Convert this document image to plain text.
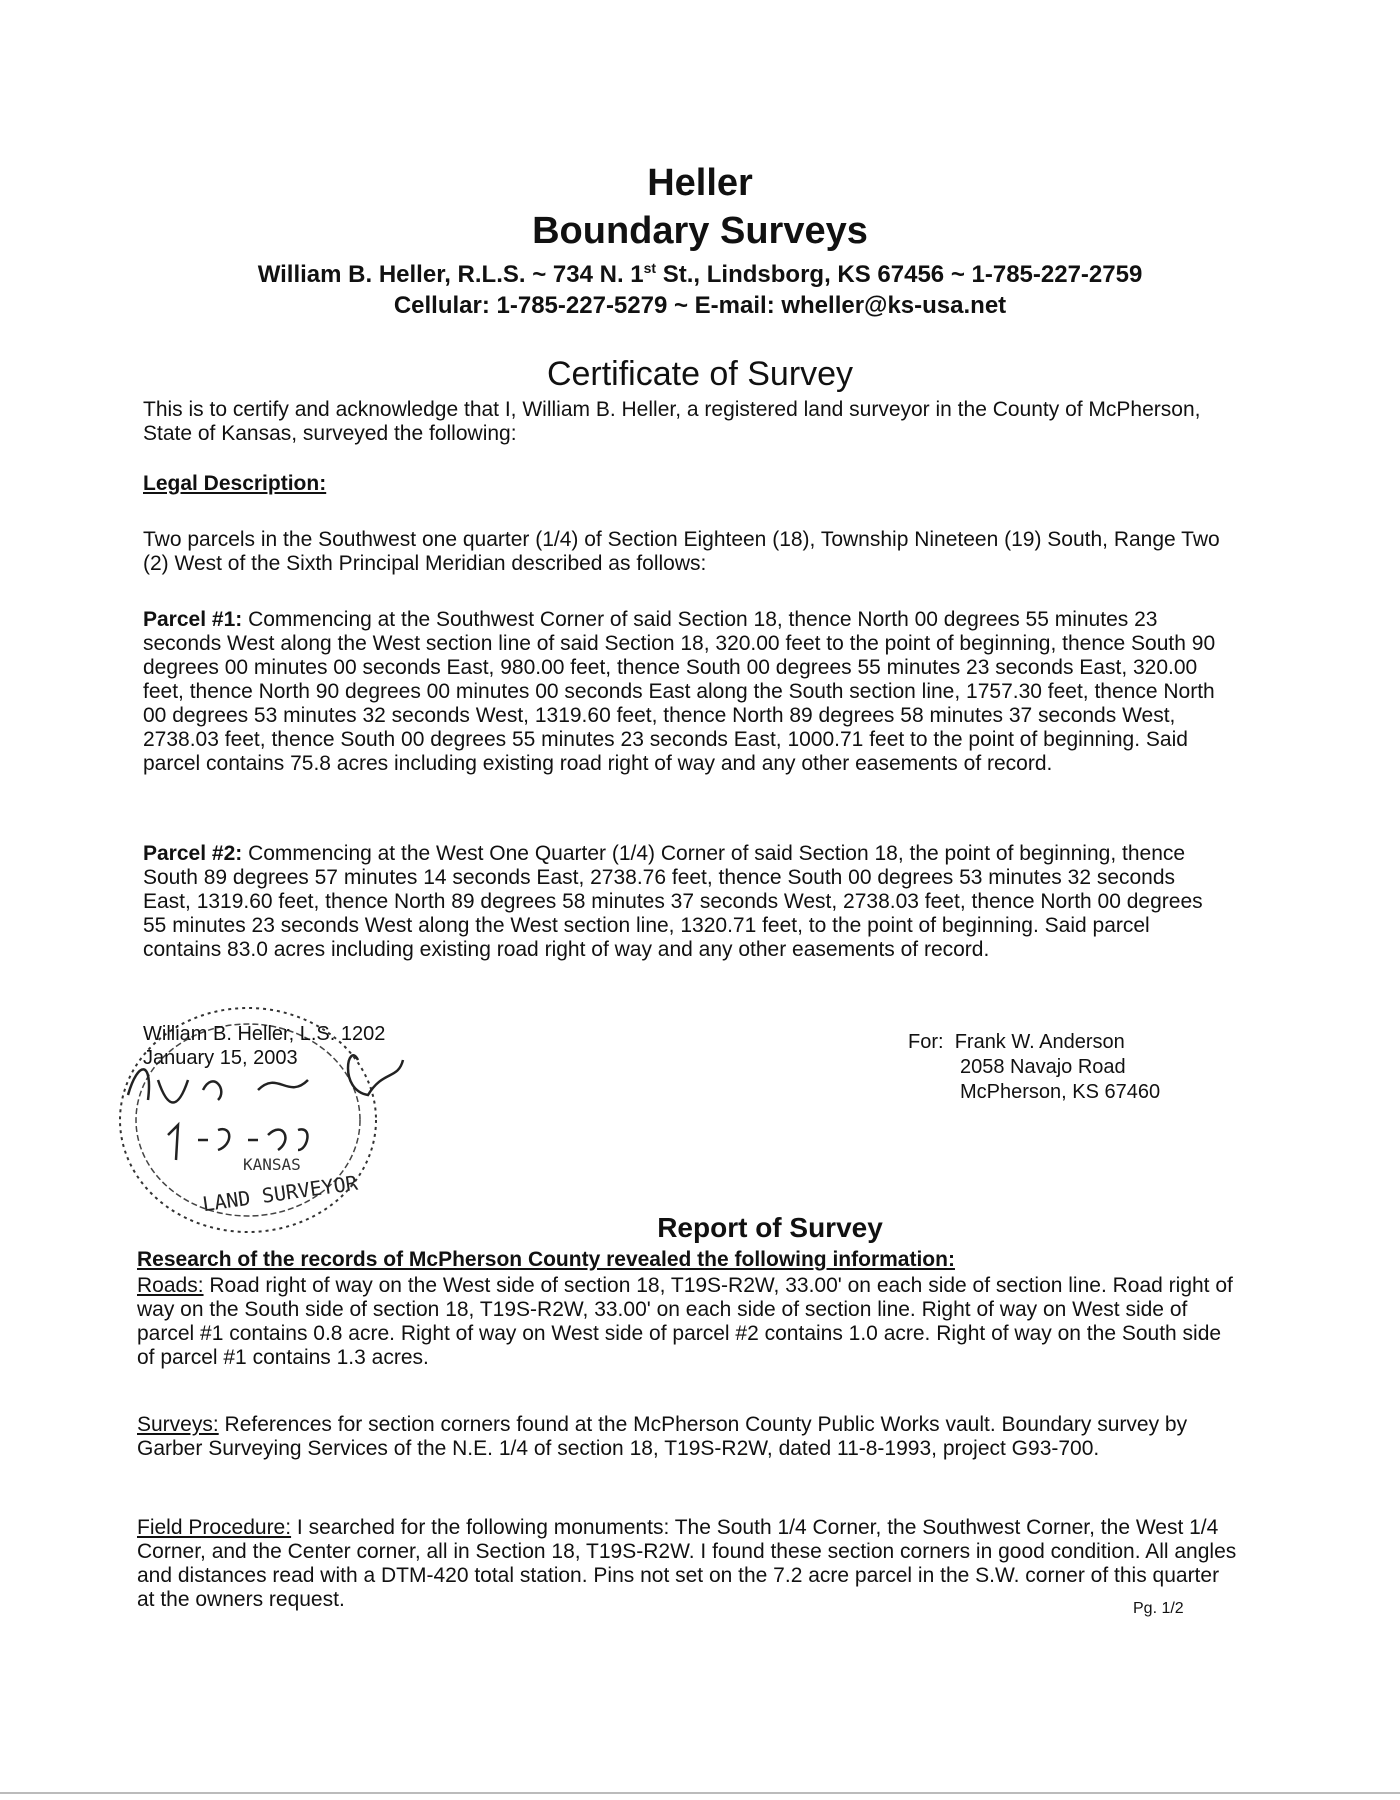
Heller
Boundary Surveys
William B. Heller, R.L.S. ~ 734 N. 1st St., Lindsborg, KS 67456 ~ 1-785-227-2759
Cellular: 1-785-227-5279 ~ E-mail: wheller@ks-usa.net
Certificate of Survey
This is to certify and acknowledge that I, William B. Heller, a registered land surveyor in the County of McPherson, State of Kansas, surveyed the following:
Legal Description:
Two parcels in the Southwest one quarter (1/4) of Section Eighteen (18), Township Nineteen (19) South, Range Two (2) West of the Sixth Principal Meridian described as follows:
Parcel #1: Commencing at the Southwest Corner of said Section 18, thence North 00 degrees 55 minutes 23 seconds West along the West section line of said Section 18, 320.00 feet to the point of beginning, thence South 90 degrees 00 minutes 00 seconds East, 980.00 feet, thence South 00 degrees 55 minutes 23 seconds East, 320.00 feet, thence North 90 degrees 00 minutes 00 seconds East along the South section line, 1757.30 feet, thence North 00 degrees 53 minutes 32 seconds West, 1319.60 feet, thence North 89 degrees 58 minutes 37 seconds West, 2738.03 feet, thence South 00 degrees 55 minutes 23 seconds East, 1000.71 feet to the point of beginning. Said parcel contains 75.8 acres including existing road right of way and any other easements of record.
Parcel #2: Commencing at the West One Quarter (1/4) Corner of said Section 18, the point of beginning, thence South 89 degrees 57 minutes 14 seconds East, 2738.76 feet, thence South 00 degrees 53 minutes 32 seconds East, 1319.60 feet, thence North 89 degrees 58 minutes 37 seconds West, 2738.03 feet, thence North 00 degrees 55 minutes 23 seconds West along the West section line, 1320.71 feet, to the point of beginning. Said parcel contains 83.0 acres including existing road right of way and any other easements of record.
LAND SURVEYOR
KANSAS
William B. Heller, L.S. 1202
January 15, 2003
For: Frank W. Anderson
2058 Navajo Road
McPherson, KS 67460
Report of Survey
Research of the records of McPherson County revealed the following information:
Roads: Road right of way on the West side of section 18, T19S-R2W, 33.00' on each side of section line. Road right of way on the South side of section 18, T19S-R2W, 33.00' on each side of section line. Right of way on West side of parcel #1 contains 0.8 acre. Right of way on West side of parcel #2 contains 1.0 acre. Right of way on the South side of parcel #1 contains 1.3 acres.
Surveys: References for section corners found at the McPherson County Public Works vault. Boundary survey by Garber Surveying Services of the N.E. 1/4 of section 18, T19S-R2W, dated 11-8-1993, project G93-700.
Field Procedure: I searched for the following monuments: The South 1/4 Corner, the Southwest Corner, the West 1/4 Corner, and the Center corner, all in Section 18, T19S-R2W. I found these section corners in good condition. All angles and distances read with a DTM-420 total station. Pins not set on the 7.2 acre parcel in the S.W. corner of this quarter at the owners request.	Pg. 1/2
